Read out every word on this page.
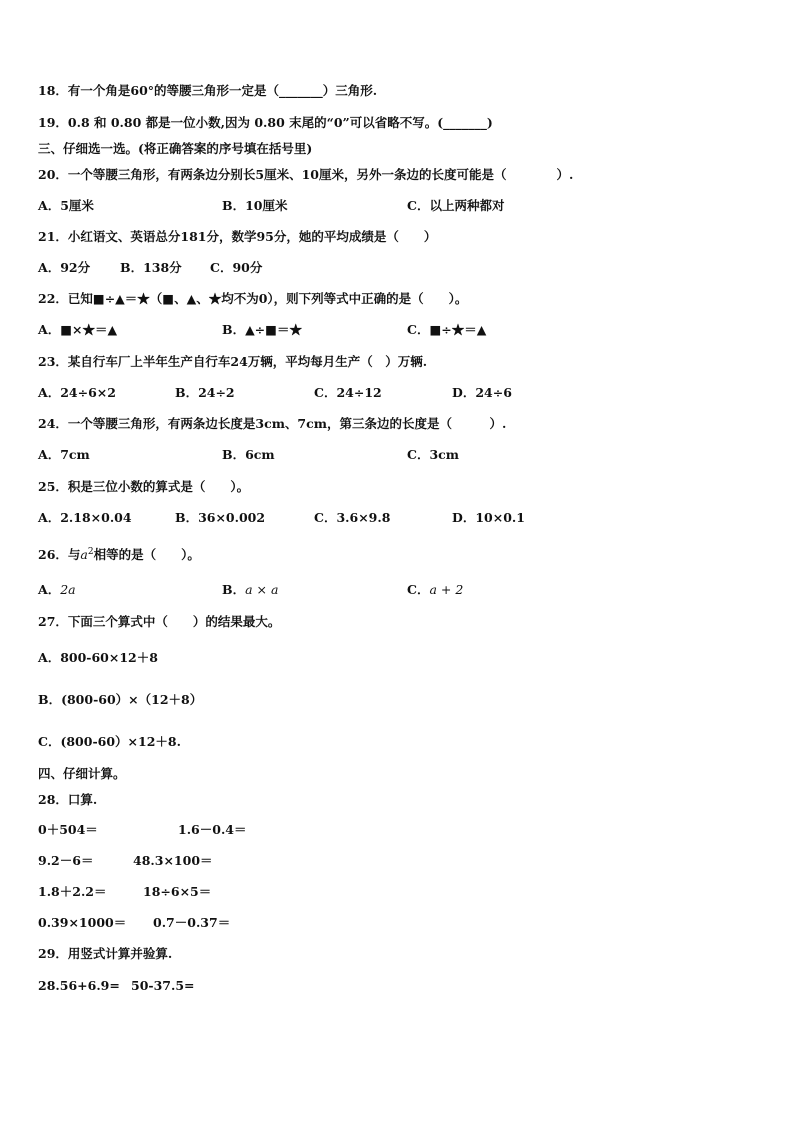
18．有一个角是60°的等腰三角形一定是（_______）三角形.
19．0.8 和 0.80 都是一位小数,因为 0.80 末尾的“0”可以省略不写。(_______)
三、仔细选一选。(将正确答案的序号填在括号里)
20．一个等腰三角形，有两条边分别长5厘米、10厘米，另外一条边的长度可能是（　　　　）.
A．5厘米	B．10厘米	C．以上两种都对
21．小红语文、英语总分181分，数学95分，她的平均成绩是（　　）
A．92分 B．138分 C．90分
22．已知■÷▲＝★（■、▲、★均不为0），则下列等式中正确的是（　　）。
A．■×★＝▲	B．▲÷■＝★	C．■÷★＝▲
23．某自行车厂上半年生产自行车24万辆，平均每月生产（　）万辆.
A．24÷6×2	B．24÷2	C．24÷12	D．24÷6
24．一个等腰三角形，有两条边长度是3cm、7cm，第三条边的长度是（　　　）.
A．7cm	B．6cm	C．3cm
25．积是三位小数的算式是（　　）。
A．2.18×0.04	B．36×0.002	C．3.6×9.8	D．10×0.1
26．与$a^2$相等的是（　　）。
A．2a	B．a × a	C．a + 2
27．下面三个算式中（　　）的结果最大。
A．800-60×12＋8
B．(800-60）×（12＋8）
C．(800-60）×12＋8.
四、仔细计算。
28．口算.
0＋504＝	1.6－0.4＝
9.2－6＝	48.3×100＝
1.8＋2.2＝	18÷6×5＝
0.39×1000＝ 0.7－0.37＝
29．用竖式计算并验算.
28.56+6.9= 50-37.5=
